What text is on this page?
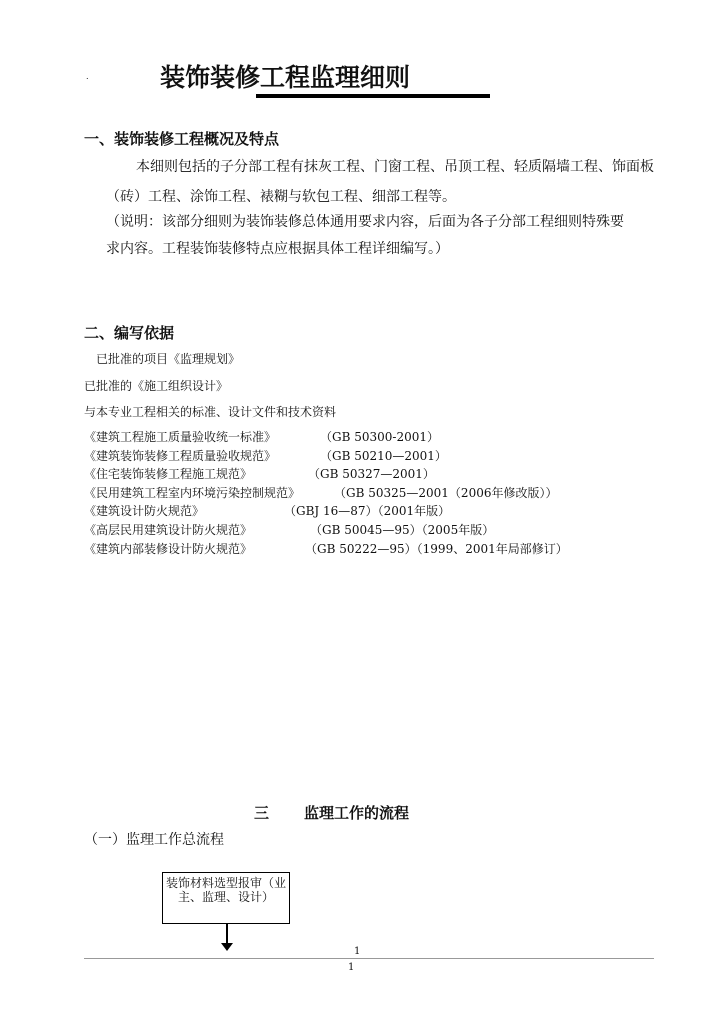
.	装饰装修工程监理细则
一、装饰装修工程概况及特点
本细则包括的子分部工程有抹灰工程、门窗工程、吊顶工程、轻质隔墙工程、饰面板
（砖）工程、涂饰工程、裱糊与软包工程、细部工程等。
（说明：该部分细则为装饰装修总体通用要求内容，后面为各子分部工程细则特殊要
求内容。工程装饰装修特点应根据具体工程详细编写。）
二、编写依据
已批准的项目《监理规划》
已批准的《施工组织设计》
与本专业工程相关的标准、设计文件和技术资料
《建筑工程施工质量验收统一标准》	（GB 50300-2001）
《建筑装饰装修工程质量验收规范》	（GB 50210—2001）
《住宅装饰装修工程施工规范》	（GB 50327—2001）
《民用建筑工程室内环境污染控制规范》	（GB 50325—2001（2006年修改版））
《建筑设计防火规范》	（GBJ 16—87）（2001年版）
《高层民用建筑设计防火规范》	（GB 50045—95）（2005年版）
《建筑内部装修设计防火规范》	（GB 50222—95）（1999、2001年局部修订）
三 监理工作的流程
（一）监理工作总流程
装饰材料选型报审（业主、监理、设计）
1
1
